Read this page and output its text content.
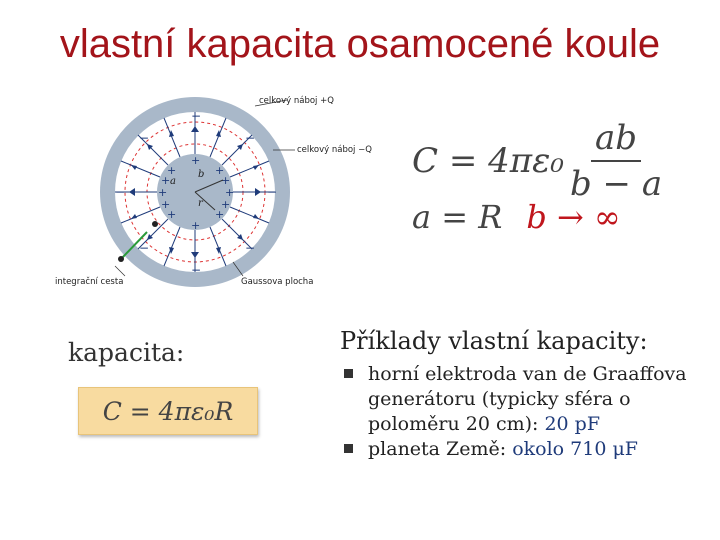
vlastní kapacita osamocené koule
+	+
+
+
+	+
+	+
+	+
+	+
−
−
−
−
−
−
−
−
a
b
r
celkový náboj +Q
celkový náboj −Q
integrační cesta	Gaussova plocha
$C = 4\pi\varepsilon_0 \frac{ab}{b - a}$
a = R b → ∞
kapacita:
C = 4πε₀R
Příklady vlastní kapacity:
horní elektroda van de Graaffova generátoru (typicky sféra o poloměru 20 cm): 20 pF
planeta Země: okolo 710 μF
